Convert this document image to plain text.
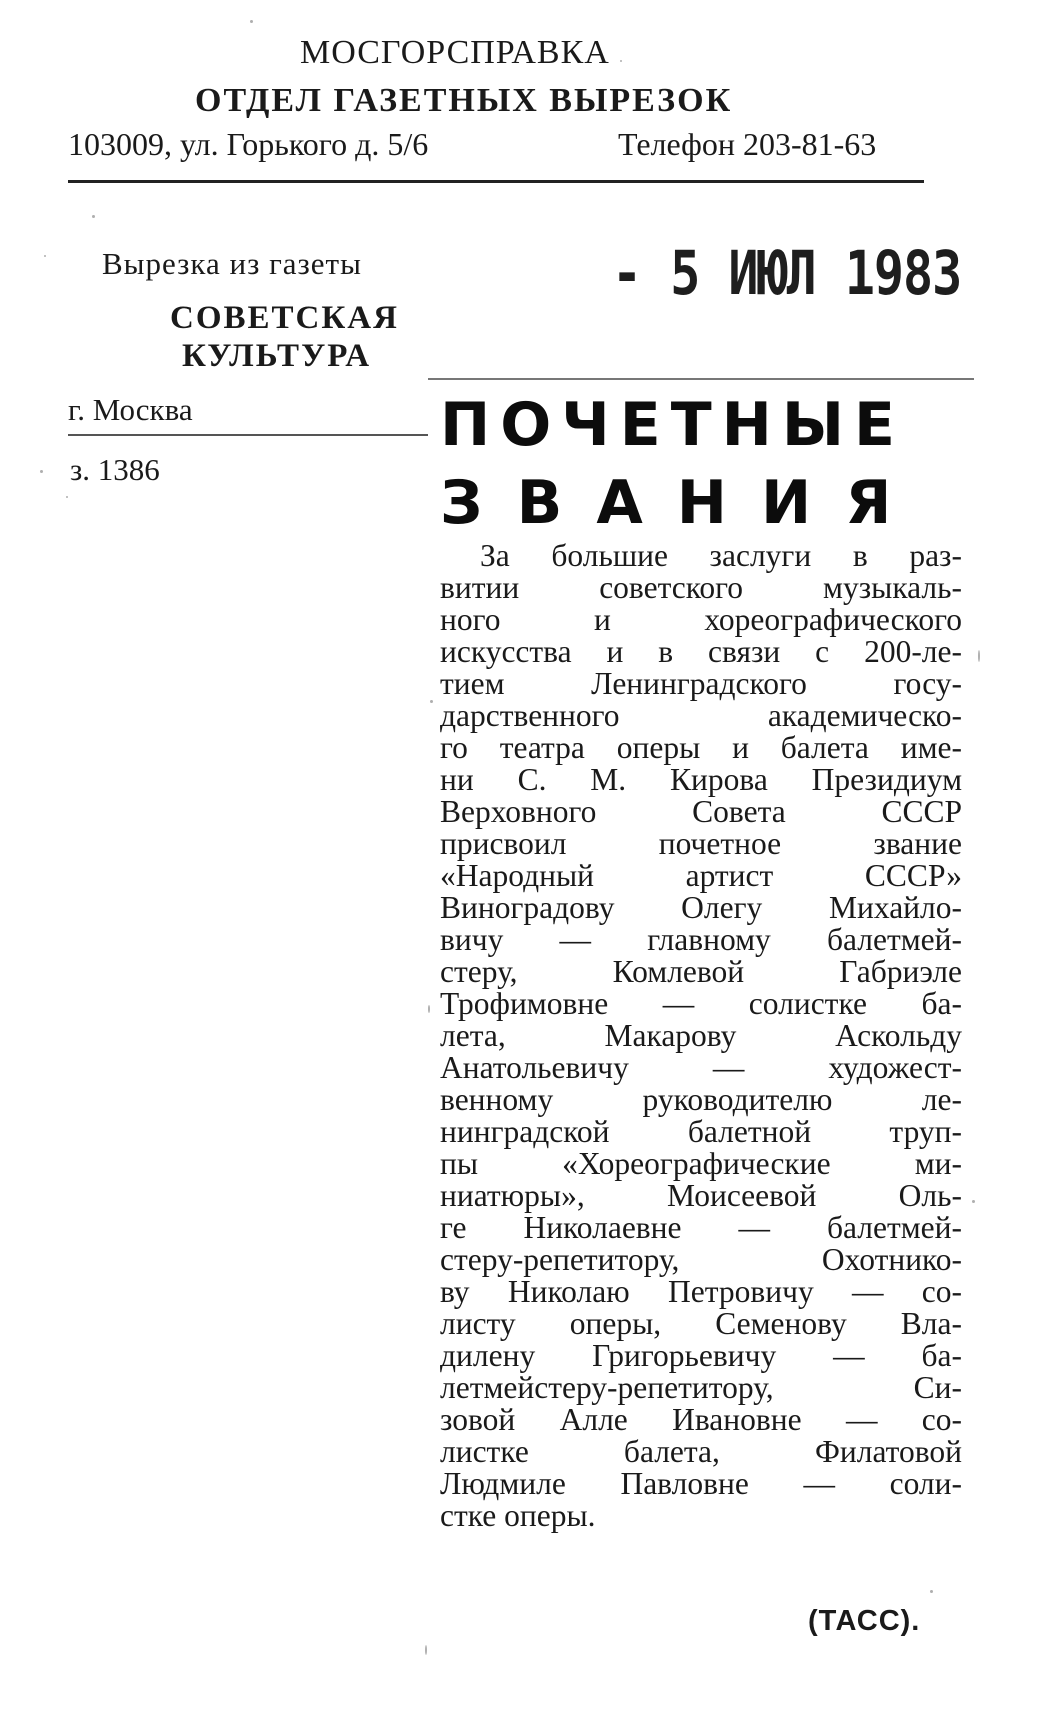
МОСГОРСПРАВКА
ОТДЕЛ ГАЗЕТНЫХ ВЫРЕЗОК
103009, ул. Горького д. 5/6	Телефон 203-81-63
Вырезка из газеты
СОВЕТСКАЯ
КУЛЬТУРА
г. Москва
з. 1386
- 5 ИЮЛ 1983
ПОЧЕТНЫЕ
ЗВАНИЯ
За большие заслуги в раз-
витии советского музыкаль-
ного и хореографического
искусства и в связи с 200-ле-
тием Ленинградского госу-
дарственного академическо-
го театра оперы и балета име-
ни С. М. Кирова Президиум
Верховного Совета СССР
присвоил почетное звание
«Народный артист СССР»
Виноградову Олегу Михайло-
вичу — главному балетмей-
стеру, Комлевой Габриэле
Трофимовне — солистке ба-
лета, Макарову Аскольду
Анатольевичу — художест-
венному руководителю ле-
нинградской балетной труп-
пы «Хореографические ми-
ниатюры», Моисеевой Оль-
ге Николаевне — балетмей-
стеру-репетитору, Охотнико-
ву Николаю Петровичу — со-
листу оперы, Семенову Вла-
дилену Григорьевичу — ба-
летмейстеру-репетитору, Си-
зовой Алле Ивановне — со-
листке балета, Филатовой
Людмиле Павловне — соли-
стке оперы.
(ТАСС).
